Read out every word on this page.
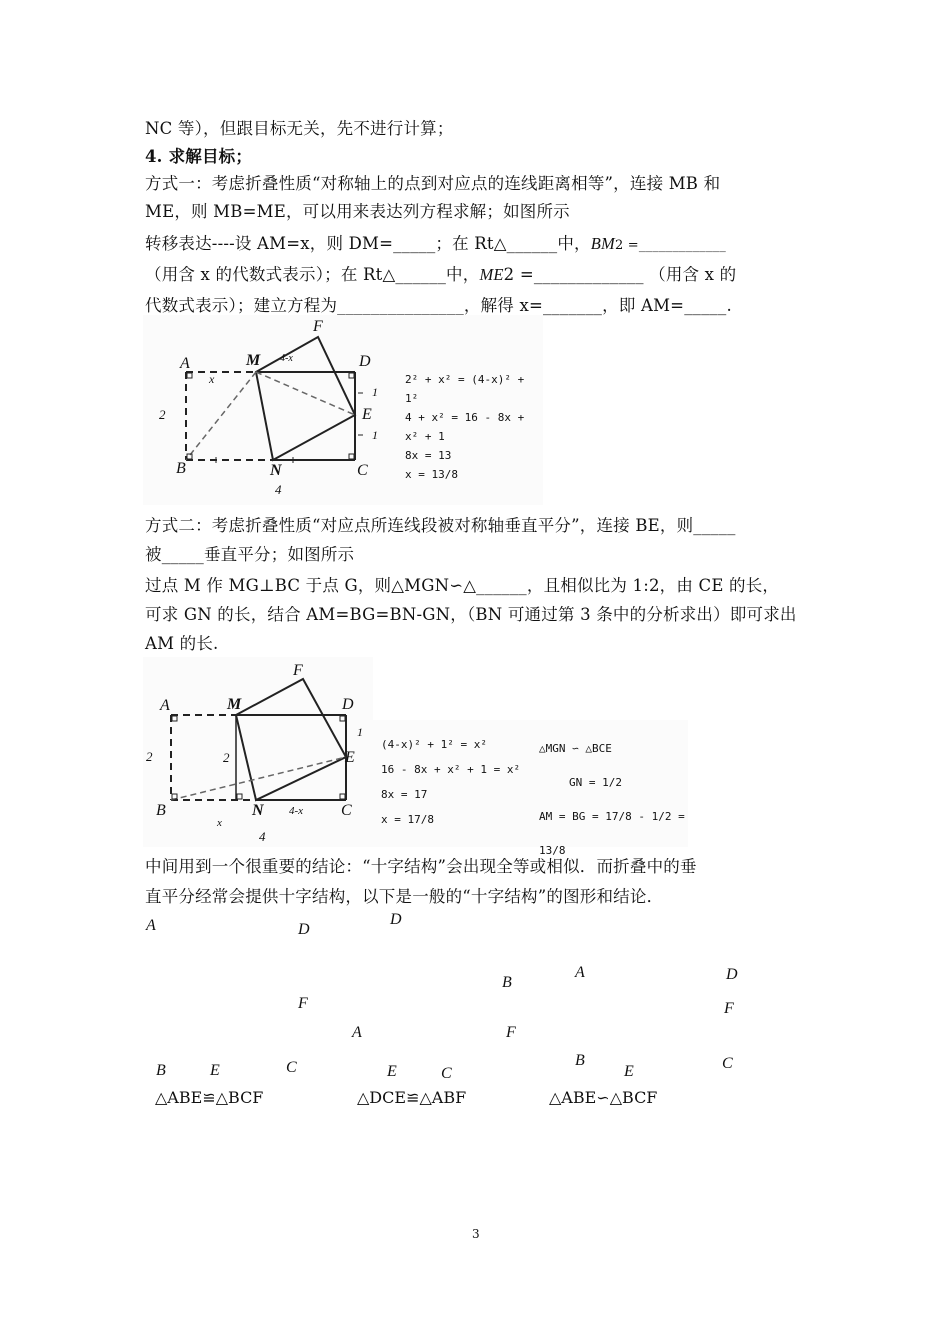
NC 等），但跟目标无关，先不进行计算；
4. 求解目标；
方式一：考虑折叠性质“对称轴上的点到对应点的连线距离相等”，连接 MB 和
ME，则 MB=ME，可以用来表达列方程求解；如图所示
转移表达----设 AM=x，则 DM=_____；在 Rt△______中，BM2 =_____________
（用含 x 的代数式表示）；在 Rt△______中，ME2 =_____________ （用含 x 的
代数式表示）；建立方程为_______________，解得 x=_______，即 AM=_____.
A	M
F
D
E
B	N	C
x
2
1
1
4
4-x
2² + x² = (4-x)² + 1²
4 + x² = 16 - 8x + x² + 1
8x = 13
x = 13/8
方式二：考虑折叠性质“对应点所连线段被对称轴垂直平分”，连接 BE，则_____
被_____垂直平分；如图所示
过点 M 作 MG⊥BC 于点 G，则△MGN∽△______，且相似比为 1:2，由 CE 的长，
可求 GN 的长，结合 AM=BG=BN-GN，（BN 可通过第 3 条中的分析求出）即可求出
AM 的长.
A	M
F
D
E
B	N	C
2	2
4
x
4-x
1
(4-x)² + 1² = x²
16 - 8x + x² + 1 = x²
8x = 17
x = 17/8
△MGN ∽ △BCE
GN = 1/2
AM = BG = 17/8 - 1/2 = 13/8
中间用到一个很重要的结论：“十字结构”会出现全等或相似．而折叠中的垂
直平分经常会提供十字结构，以下是一般的“十字结构”的图形和结论．
A	D
F
B	E	C
△ABE≌△BCF
D
A
B
F
E	C
△DCE≌△ABF
A	D
F
B
E	C
△ABE∽△BCF
3
